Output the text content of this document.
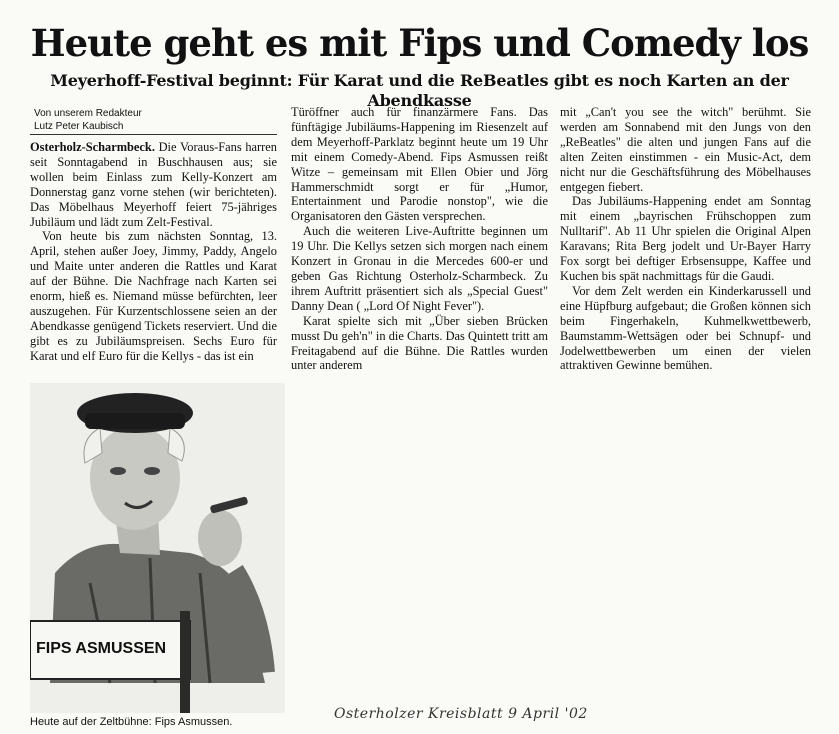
Heute geht es mit Fips und Comedy los
Meyerhoff-Festival beginnt: Für Karat und die ReBeatles gibt es noch Karten an der Abendkasse
Von unserem Redakteur
Lutz Peter Kaubisch

Osterholz-Scharmbeck. Die Voraus-Fans harren seit Sonntagabend in Buschhausen aus; sie wollen beim Einlass zum Kelly-Konzert am Donnerstag ganz vorne stehen (wir berichteten). Das Möbelhaus Meyerhoff feiert 75-jähriges Jubiläum und lädt zum Zelt-Festival.

Von heute bis zum nächsten Sonntag, 13. April, stehen außer Joey, Jimmy, Paddy, Angelo und Maite unter anderen die Rattles und Karat auf der Bühne. Die Nachfrage nach Karten sei enorm, hieß es. Niemand müsse befürchten, leer auszugehen. Für Kurzentschlossene seien an der Abendkasse genügend Tickets reserviert. Und die gibt es zu Jubiläumspreisen. Sechs Euro für Karat und elf Euro für die Kellys - das ist ein

Türöffner auch für finanzärmere Fans. Das fünftägige Jubiläums-Happening im Riesenzelt auf dem Meyerhoff-Parklatz beginnt heute um 19 Uhr mit einem Comedy-Abend. Fips Asmussen reißt Witze – gemeinsam mit Ellen Obier und Jörg Hammerschmidt sorgt er für „Humor, Entertainment und Parodie nonstop", wie die Organisatoren den Gästen versprechen.

Auch die weiteren Live-Auftritte beginnen um 19 Uhr. Die Kellys setzen sich morgen nach einem Konzert in Gronau in die Mercedes 600-er und geben Gas Richtung Osterholz-Scharmbeck. Zu ihrem Auftritt präsentiert sich als „Special Guest" Danny Dean ( „Lord Of Night Fever").

Karat spielte sich mit „Über sieben Brücken musst Du geh'n" in die Charts. Das Quintett tritt am Freitagabend auf die Bühne. Die Rattles wurden unter anderem

mit „Can't you see the witch" berühmt. Sie werden am Sonnabend mit den Jungs von den „ReBeatles" die alten und jungen Fans auf die alten Zeiten einstimmen - ein Music-Act, dem nicht nur die Geschäftsführung des Möbelhauses entgegen fiebert.

Das Jubiläums-Happening endet am Sonntag mit einem „bayrischen Frühschoppen zum Nulltarif". Ab 11 Uhr spielen die Original Alpen Karavans; Rita Berg jodelt und Ur-Bayer Harry Fox sorgt bei deftiger Erbsensuppe, Kaffee und Kuchen bis spät nachmittags für die Gaudi.

Vor dem Zelt werden ein Kinderkarussell und eine Hüpfburg aufgebaut; die Großen können sich beim Fingerhakeln, Kuhmelkwettbewerb, Baumstamm-Wettsägen oder bei Schnupf- und Jodelwettbewerben um einen der vielen attraktiven Gewinne bemühen.

FIPS ASMUSSEN
Heute auf der Zeltbühne: Fips Asmussen.	Osterholzer Kreisblatt 9 April '02
